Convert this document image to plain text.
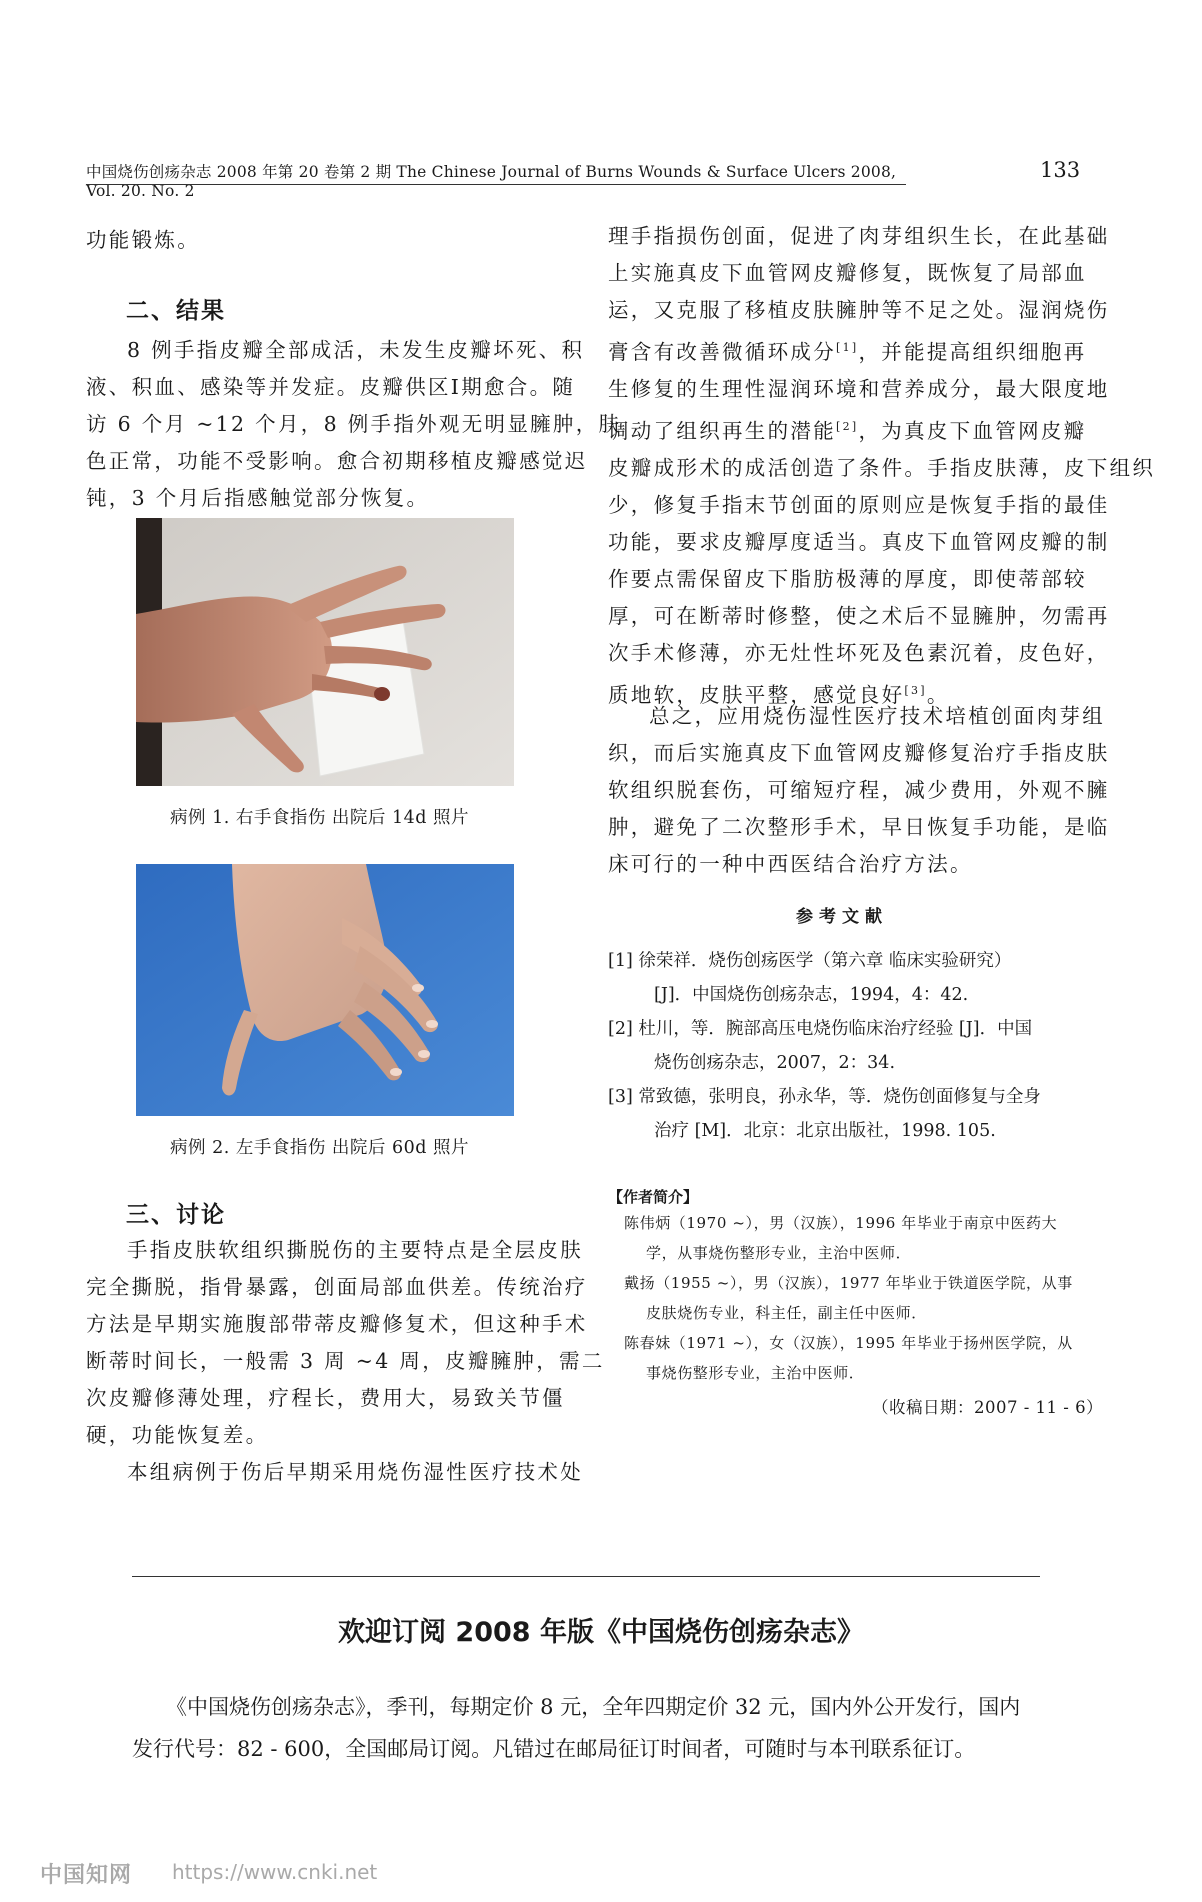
中国烧伤创疡杂志 2008 年第 20 卷第 2 期 The Chinese Journal of Burns Wounds & Surface Ulcers 2008, Vol. 20. No. 2
133
功能锻炼。
二、结果
8 例手指皮瓣全部成活，未发生皮瓣坏死、积
液、积血、感染等并发症。皮瓣供区Ⅰ期愈合。随
访 6 个月 ~12 个月，8 例手指外观无明显臃肿，肤
色正常，功能不受影响。愈合初期移植皮瓣感觉迟
钝，3 个月后指感触觉部分恢复。
病例 1. 右手食指伤 出院后 14d 照片
病例 2. 左手食指伤 出院后 60d 照片
三、讨论
手指皮肤软组织撕脱伤的主要特点是全层皮肤
完全撕脱，指骨暴露，创面局部血供差。传统治疗
方法是早期实施腹部带蒂皮瓣修复术，但这种手术
断蒂时间长，一般需 3 周 ~4 周，皮瓣臃肿，需二
次皮瓣修薄处理，疗程长，费用大，易致关节僵
硬，功能恢复差。
本组病例于伤后早期采用烧伤湿性医疗技术处
理手指损伤创面，促进了肉芽组织生长，在此基础
上实施真皮下血管网皮瓣修复，既恢复了局部血
运，又克服了移植皮肤臃肿等不足之处。湿润烧伤
膏含有改善微循环成分[1]，并能提高组织细胞再
生修复的生理性湿润环境和营养成分，最大限度地
调动了组织再生的潜能[2]，为真皮下血管网皮瓣
皮瓣成形术的成活创造了条件。手指皮肤薄，皮下组织
少，修复手指末节创面的原则应是恢复手指的最佳
功能，要求皮瓣厚度适当。真皮下血管网皮瓣的制
作要点需保留皮下脂肪极薄的厚度，即使蒂部较
厚，可在断蒂时修整，使之术后不显臃肿，勿需再
次手术修薄，亦无灶性坏死及色素沉着，皮色好，
质地软，皮肤平整，感觉良好[3]。
总之，应用烧伤湿性医疗技术培植创面肉芽组
织，而后实施真皮下血管网皮瓣修复治疗手指皮肤
软组织脱套伤，可缩短疗程，减少费用，外观不臃
肿，避免了二次整形手术，早日恢复手功能，是临
床可行的一种中西医结合治疗方法。
参考文献
[1] 徐荣祥．烧伤创疡医学（第六章 临床实验研究）
[J]．中国烧伤创疡杂志，1994，4：42.
[2] 杜川，等．腕部高压电烧伤临床治疗经验 [J]．中国
烧伤创疡杂志，2007，2：34.
[3] 常致德，张明良，孙永华，等．烧伤创面修复与全身
治疗 [M]．北京：北京出版社，1998. 105.
【作者简介】
陈伟炳（1970 ~），男（汉族），1996 年毕业于南京中医药大
学，从事烧伤整形专业，主治中医师．
戴扬（1955 ~），男（汉族），1977 年毕业于铁道医学院，从事
皮肤烧伤专业，科主任，副主任中医师．
陈春妹（1971 ~），女（汉族），1995 年毕业于扬州医学院，从
事烧伤整形专业，主治中医师．
（收稿日期：2007 - 11 - 6）
欢迎订阅 2008 年版《中国烧伤创疡杂志》
《中国烧伤创疡杂志》，季刊，每期定价 8 元，全年四期定价 32 元，国内外公开发行，国内
发行代号：82 - 600，全国邮局订阅。凡错过在邮局征订时间者，可随时与本刊联系征订。
中国知网 https://www.cnki.net
